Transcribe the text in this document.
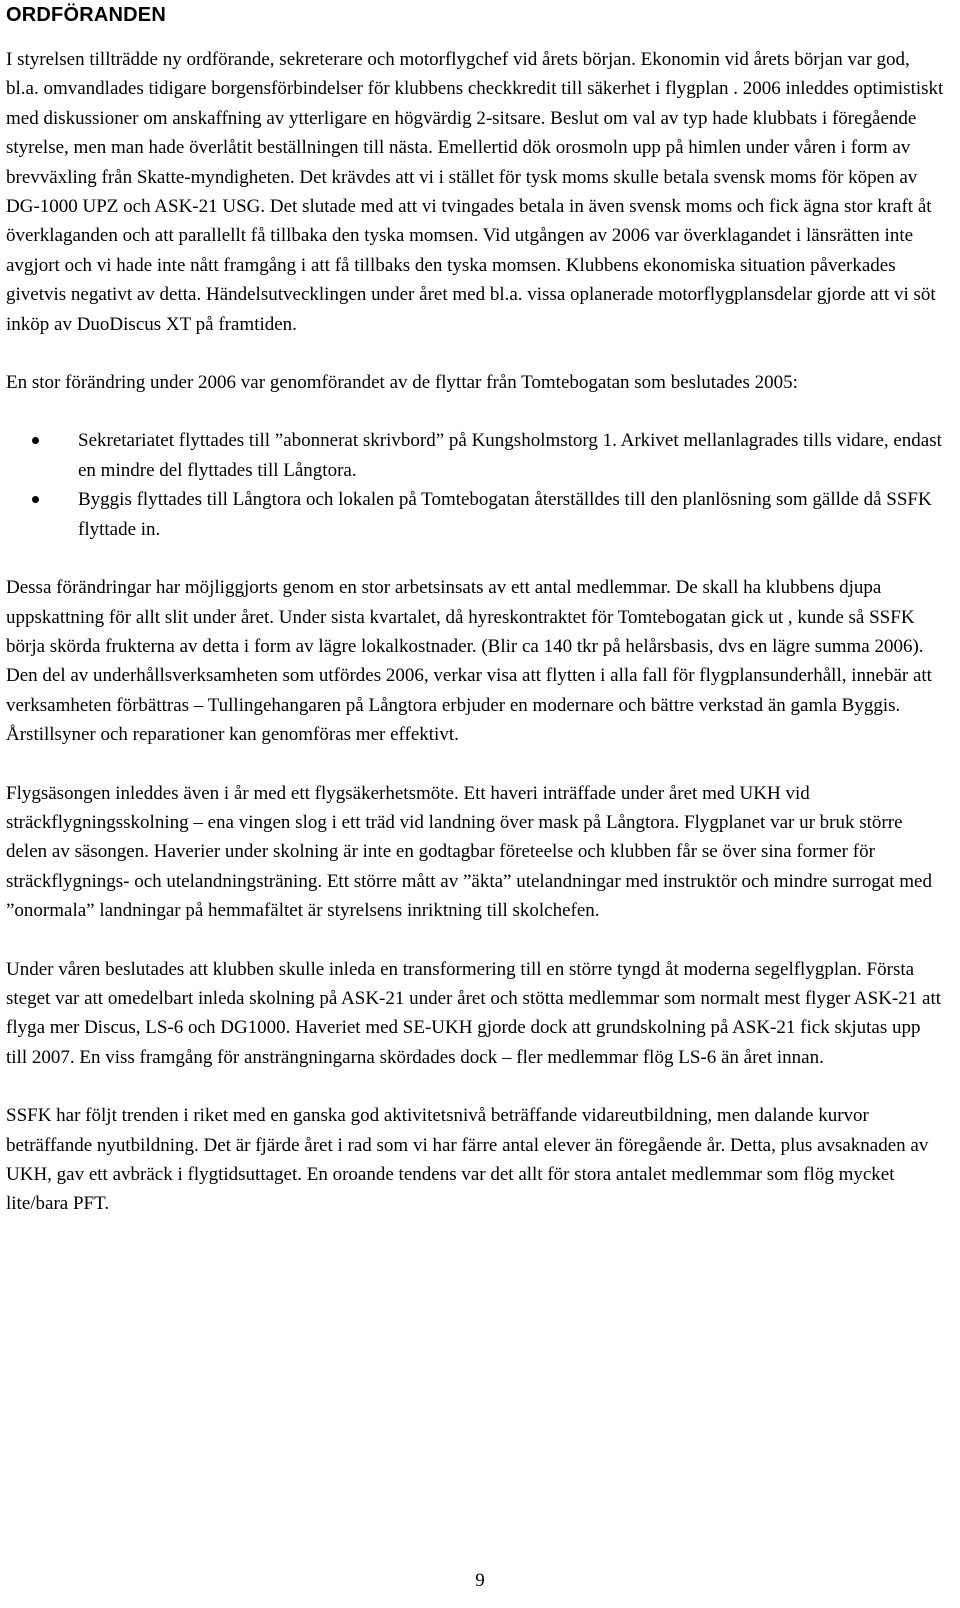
ORDFÖRANDEN

I styrelsen tillträdde ny ordförande, sekreterare och motorflygchef vid årets början. Ekonomin vid årets början var god, bl.a. omvandlades tidigare borgensförbindelser för klubbens checkkredit till säkerhet i flygplan . 2006 inleddes optimistiskt med diskussioner om anskaffning av ytterligare en högvärdig 2-sitsare. Beslut om val av typ hade klubbats i föregående styrelse, men man hade överlåtit beställningen till nästa. Emellertid dök orosmoln upp på himlen under våren i form av brevväxling från Skatte-myndigheten. Det krävdes att vi i stället för tysk moms skulle betala svensk moms för köpen av DG-1000 UPZ och ASK-21 USG. Det slutade med att vi tvingades betala in även svensk moms och fick ägna stor kraft åt överklaganden och att parallellt få tillbaka den tyska momsen. Vid utgången av 2006 var överklagandet i länsrätten inte avgjort och vi hade inte nått framgång i att få tillbaks den tyska momsen. Klubbens ekonomiska situation påverkades givetvis negativt av detta. Händelsutvecklingen under året med bl.a. vissa oplanerade motorflygplansdelar gjorde att vi söt inköp av DuoDiscus XT på framtiden.

En stor förändring under 2006 var genomförandet av de flyttar från Tomtebogatan som beslutades 2005:

Sekretariatet flyttades till ”abonnerat skrivbord” på Kungsholmstorg 1. Arkivet mellanlagrades tills vidare, endast en mindre del flyttades till Långtora.
Byggis flyttades till Långtora och lokalen på Tomtebogatan återställdes till den planlösning som gällde då SSFK flyttade in.

Dessa förändringar har möjliggjorts genom en stor arbetsinsats av ett antal medlemmar. De skall ha klubbens djupa uppskattning för allt slit under året. Under sista kvartalet, då hyreskontraktet för Tomtebogatan gick ut , kunde så SSFK börja skörda frukterna av detta i form av lägre lokalkostnader. (Blir ca 140 tkr på helårsbasis, dvs en lägre summa 2006). Den del av underhållsverksamheten som utfördes 2006, verkar visa att flytten i alla fall för flygplansunderhåll, innebär att verksamheten förbättras – Tullingehangaren på Långtora erbjuder en modernare och bättre verkstad än gamla Byggis. Årstillsyner och reparationer kan genomföras mer effektivt.

Flygsäsongen inleddes även i år med ett flygsäkerhetsmöte. Ett haveri inträffade under året med UKH vid sträckflygningsskolning – ena vingen slog i ett träd vid landning över mask på Långtora. Flygplanet var ur bruk större delen av säsongen. Haverier under skolning är inte en godtagbar företeelse och klubben får se över sina former för sträckflygnings- och utelandningsträning. Ett större mått av ”äkta” utelandningar med instruktör och mindre surrogat med ”onormala” landningar på hemmafältet är styrelsens inriktning till skolchefen.

Under våren beslutades att klubben skulle inleda en transformering till en större tyngd åt moderna segelflygplan. Första steget var att omedelbart inleda skolning på ASK-21 under året och stötta medlemmar som normalt mest flyger ASK-21 att flyga mer Discus, LS-6 och DG1000. Haveriet med SE-UKH gjorde dock att grundskolning på ASK-21 fick skjutas upp till 2007. En viss framgång för ansträngningarna skördades dock – fler medlemmar flög LS-6 än året innan.

SSFK har följt trenden i riket med en ganska god aktivitetsnivå beträffande vidareutbildning, men dalande kurvor beträffande nyutbildning. Det är fjärde året i rad som vi har färre antal elever än föregående år. Detta, plus avsaknaden av UKH, gav ett avbräck i flygtidsuttaget. En oroande tendens var det allt för stora antalet medlemmar som flög mycket lite/bara PFT.

9
